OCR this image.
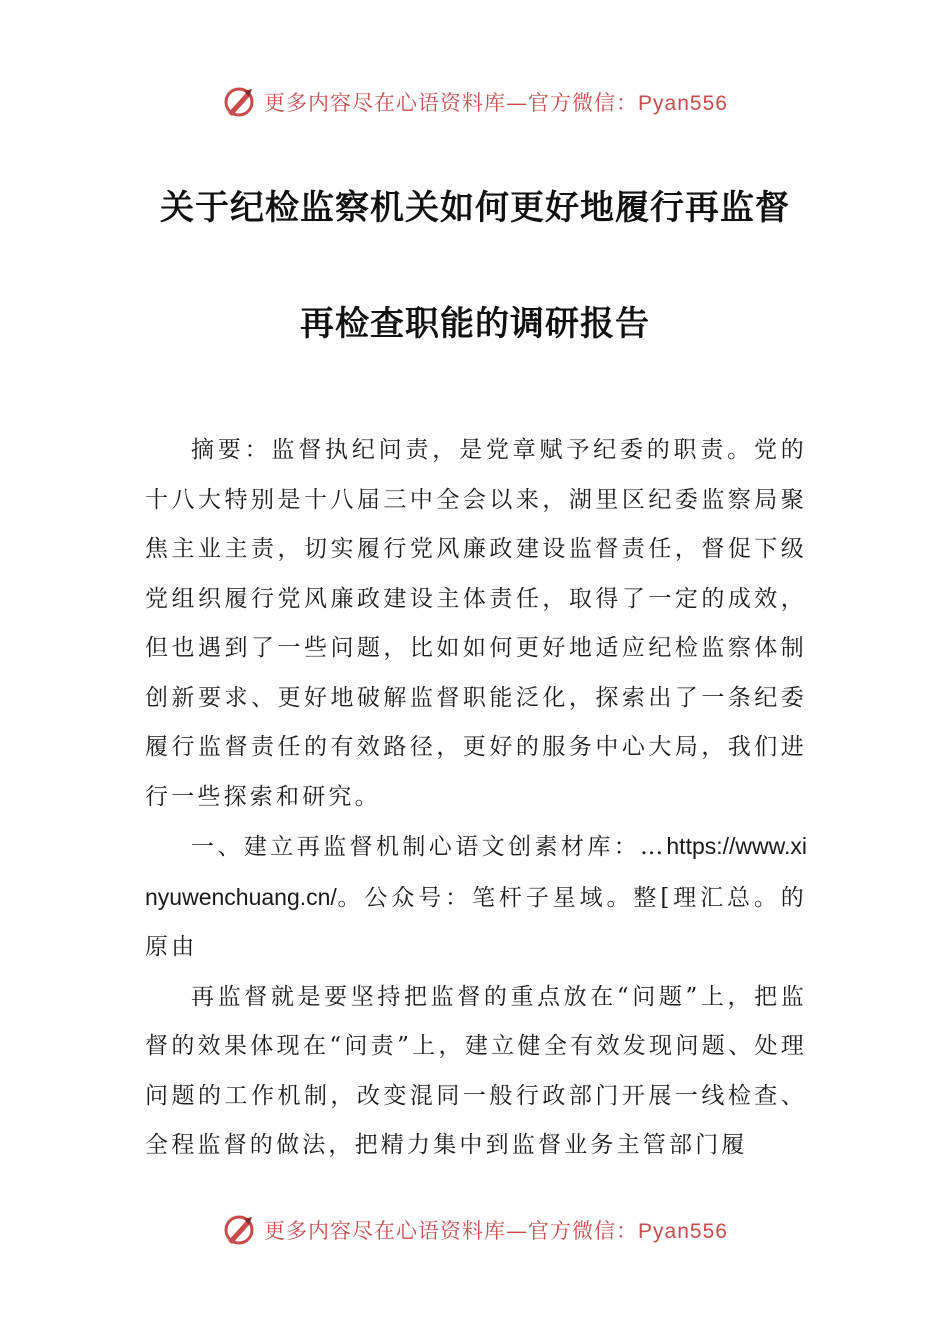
更多内容尽在心语资料库—官方微信：Pyan556
关于纪检监察机关如何更好地履行再监督
再检查职能的调研报告

摘要：监督执纪问责，是党章赋予纪委的职责。党的十八大特别是十八届三中全会以来，湖里区纪委监察局聚焦主业主责，切实履行党风廉政建设监督责任，督促下级党组织履行党风廉政建设主体责任，取得了一定的成效，但也遇到了一些问题，比如如何更好地适应纪检监察体制创新要求、更好地破解监督职能泛化，探索出了一条纪委履行监督责任的有效路径，更好的服务中心大局，我们进行一些探索和研究。

一、建立再监督机制心语文创素材库：…https://www.xinyuwenchuang.cn/。公众号：笔杆子星域。整[理汇总。的原由

再监督就是要坚持把监督的重点放在“问题”上，把监督的效果体现在“问责”上，建立健全有效发现问题、处理问题的工作机制，改变混同一般行政部门开展一线检查、全程监督的做法，把精力集中到监督业务主管部门履

更多内容尽在心语资料库—官方微信：Pyan556
